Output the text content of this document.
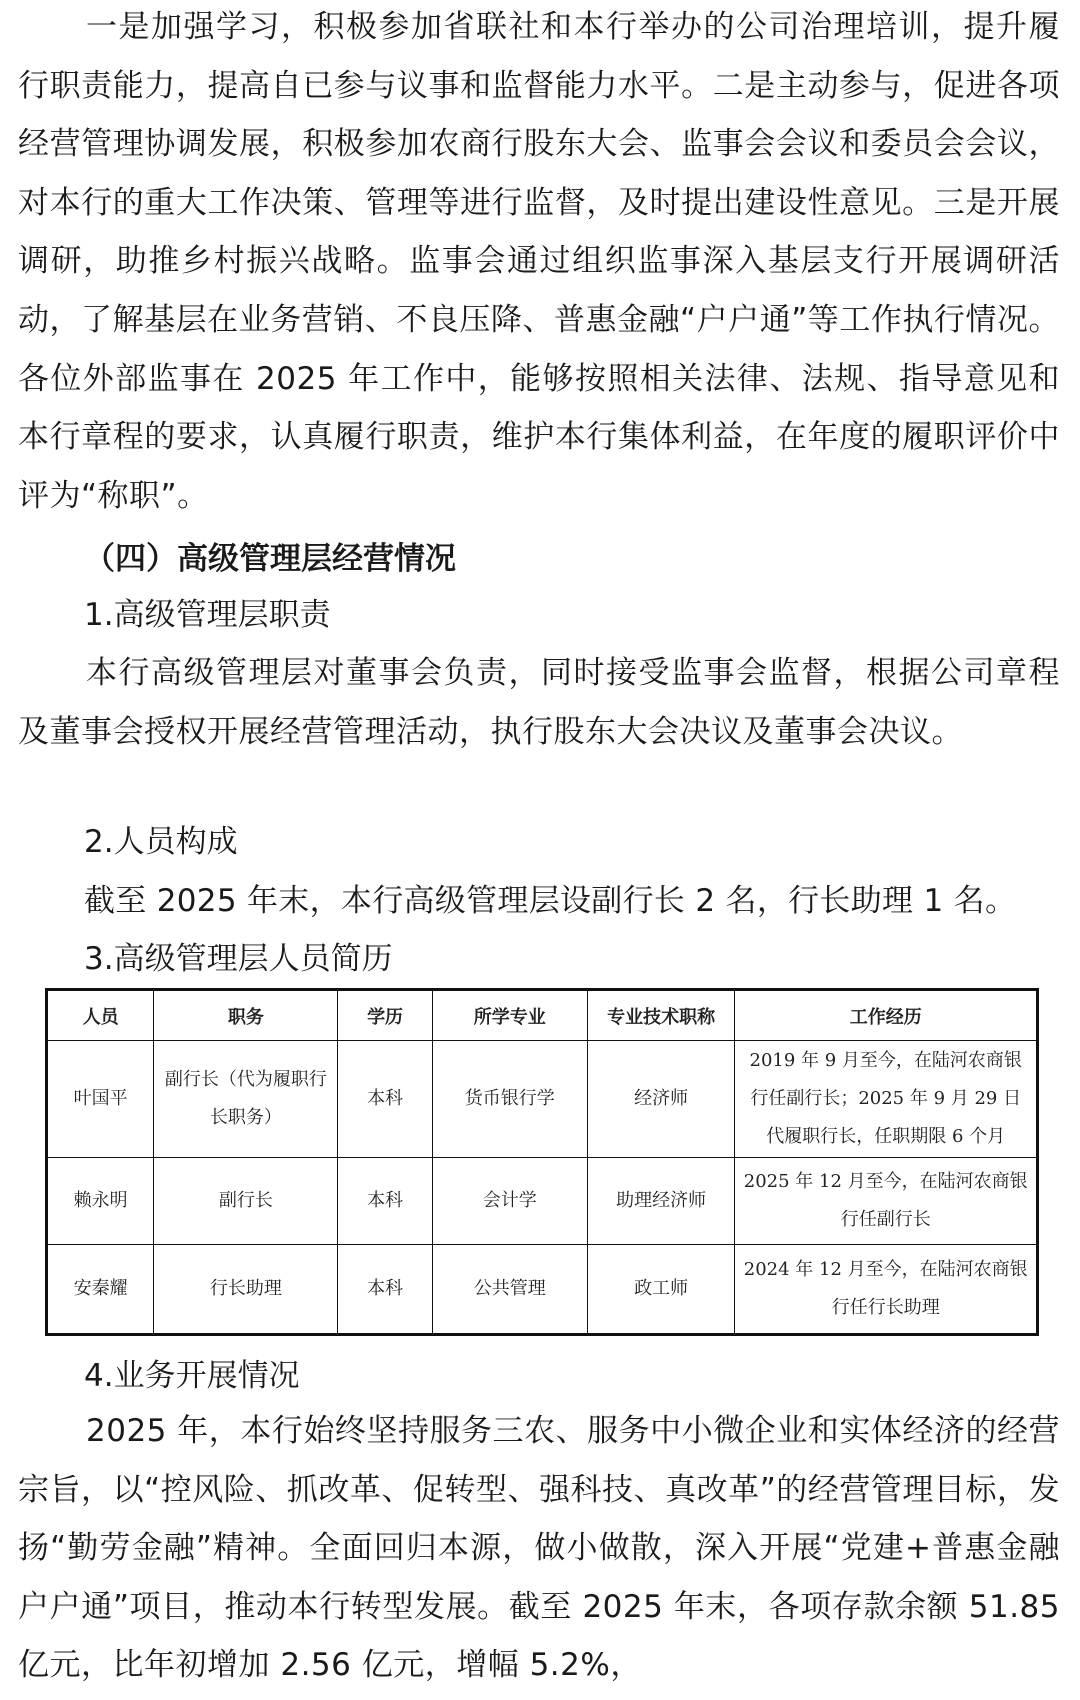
一是加强学习，积极参加省联社和本行举办的公司治理培训，提升履行职责能力，提高自已参与议事和监督能力水平。二是主动参与，促进各项经营管理协调发展，积极参加农商行股东大会、监事会会议和委员会会议，对本行的重大工作决策、管理等进行监督，及时提出建设性意见。三是开展调研，助推乡村振兴战略。监事会通过组织监事深入基层支行开展调研活动，了解基层在业务营销、不良压降、普惠金融“户户通”等工作执行情况。各位外部监事在 2025 年工作中，能够按照相关法律、法规、指导意见和本行章程的要求，认真履行职责，维护本行集体利益，在年度的履职评价中评为“称职”。

（四）高级管理层经营情况

1.高级管理层职责

本行高级管理层对董事会负责，同时接受监事会监督，根据公司章程及董事会授权开展经营管理活动，执行股东大会决议及董事会决议。

2.人员构成

截至 2025 年末，本行高级管理层设副行长 2 名，行长助理 1 名。

3.高级管理层人员简历

人员	职务	学历	所学专业	专业技术职称	工作经历
叶国平	副行长（代为履职行长职务）	本科	货币银行学	经济师	2019 年 9 月至今，在陆河农商银行任副行长；2025 年 9 月 29 日代履职行长，任职期限 6 个月
赖永明	副行长	本科	会计学	助理经济师	2025 年 12 月至今，在陆河农商银行任副行长
安秦耀	行长助理	本科	公共管理	政工师	2024 年 12 月至今，在陆河农商银行任行长助理

4.业务开展情况

2025 年，本行始终坚持服务三农、服务中小微企业和实体经济的经营宗旨，以“控风险、抓改革、促转型、强科技、真改革”的经营管理目标，发扬“勤劳金融”精神。全面回归本源，做小做散，深入开展“党建+普惠金融户户通”项目，推动本行转型发展。截至 2025 年末，各项存款余额 51.85 亿元，比年初增加 2.56 亿元，增幅 5.2%，
